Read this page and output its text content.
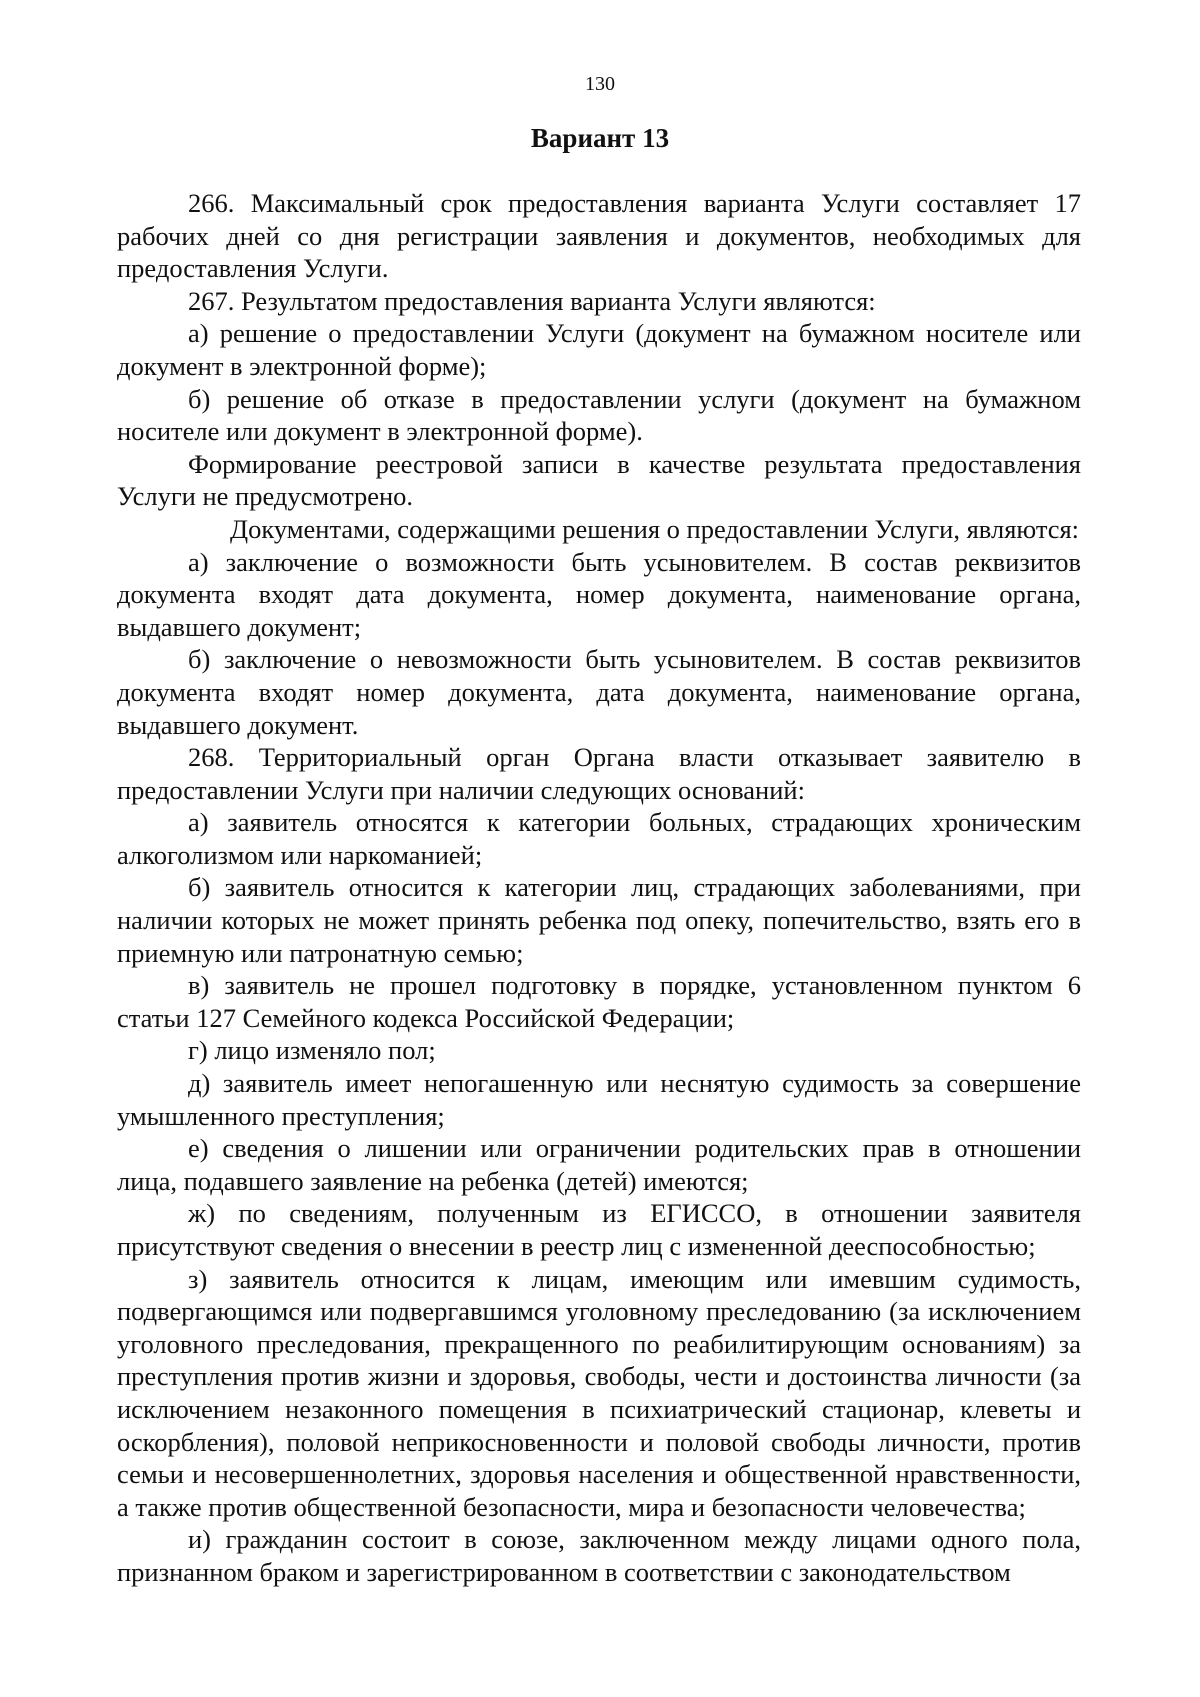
130
Вариант 13

266. Максимальный срок предоставления варианта Услуги составляет 17 рабочих дней со дня регистрации заявления и документов, необходимых для предоставления Услуги.

267. Результатом предоставления варианта Услуги являются:

а) решение о предоставлении Услуги (документ на бумажном носителе или документ в электронной форме);

б) решение об отказе в предоставлении услуги (документ на бумажном носителе или документ в электронной форме).

Формирование реестровой записи в качестве результата предоставления Услуги не предусмотрено.

Документами, содержащими решения о предоставлении Услуги, являются:

а) заключение о возможности быть усыновителем. В состав реквизитов документа входят дата документа, номер документа, наименование органа, выдавшего документ;

б) заключение о невозможности быть усыновителем. В состав реквизитов документа входят номер документа, дата документа, наименование органа, выдавшего документ.

268. Территориальный орган Органа власти отказывает заявителю в предоставлении Услуги при наличии следующих оснований:

а) заявитель относятся к категории больных, страдающих хроническим алкоголизмом или наркоманией;

б) заявитель относится к категории лиц, страдающих заболеваниями, при наличии которых не может принять ребенка под опеку, попечительство, взять его в приемную или патронатную семью;

в) заявитель не прошел подготовку в порядке, установленном пунктом 6 статьи 127 Семейного кодекса Российской Федерации;

г) лицо изменяло пол;

д) заявитель имеет непогашенную или неснятую судимость за совершение умышленного преступления;

е) сведения о лишении или ограничении родительских прав в отношении лица, подавшего заявление на ребенка (детей) имеются;

ж) по сведениям, полученным из ЕГИССО, в отношении заявителя присутствуют сведения о внесении в реестр лиц с измененной дееспособностью;

з) заявитель относится к лицам, имеющим или имевшим судимость, подвергающимся или подвергавшимся уголовному преследованию (за исключением уголовного преследования, прекращенного по реабилитирующим основаниям) за преступления против жизни и здоровья, свободы, чести и достоинства личности (за исключением незаконного помещения в психиатрический стационар, клеветы и оскорбления), половой неприкосновенности и половой свободы личности, против семьи и несовершеннолетних, здоровья населения и общественной нравственности, а также против общественной безопасности, мира и безопасности человечества;

и) гражданин состоит в союзе, заключенном между лицами одного пола, признанном браком и зарегистрированном в соответствии с законодательством
